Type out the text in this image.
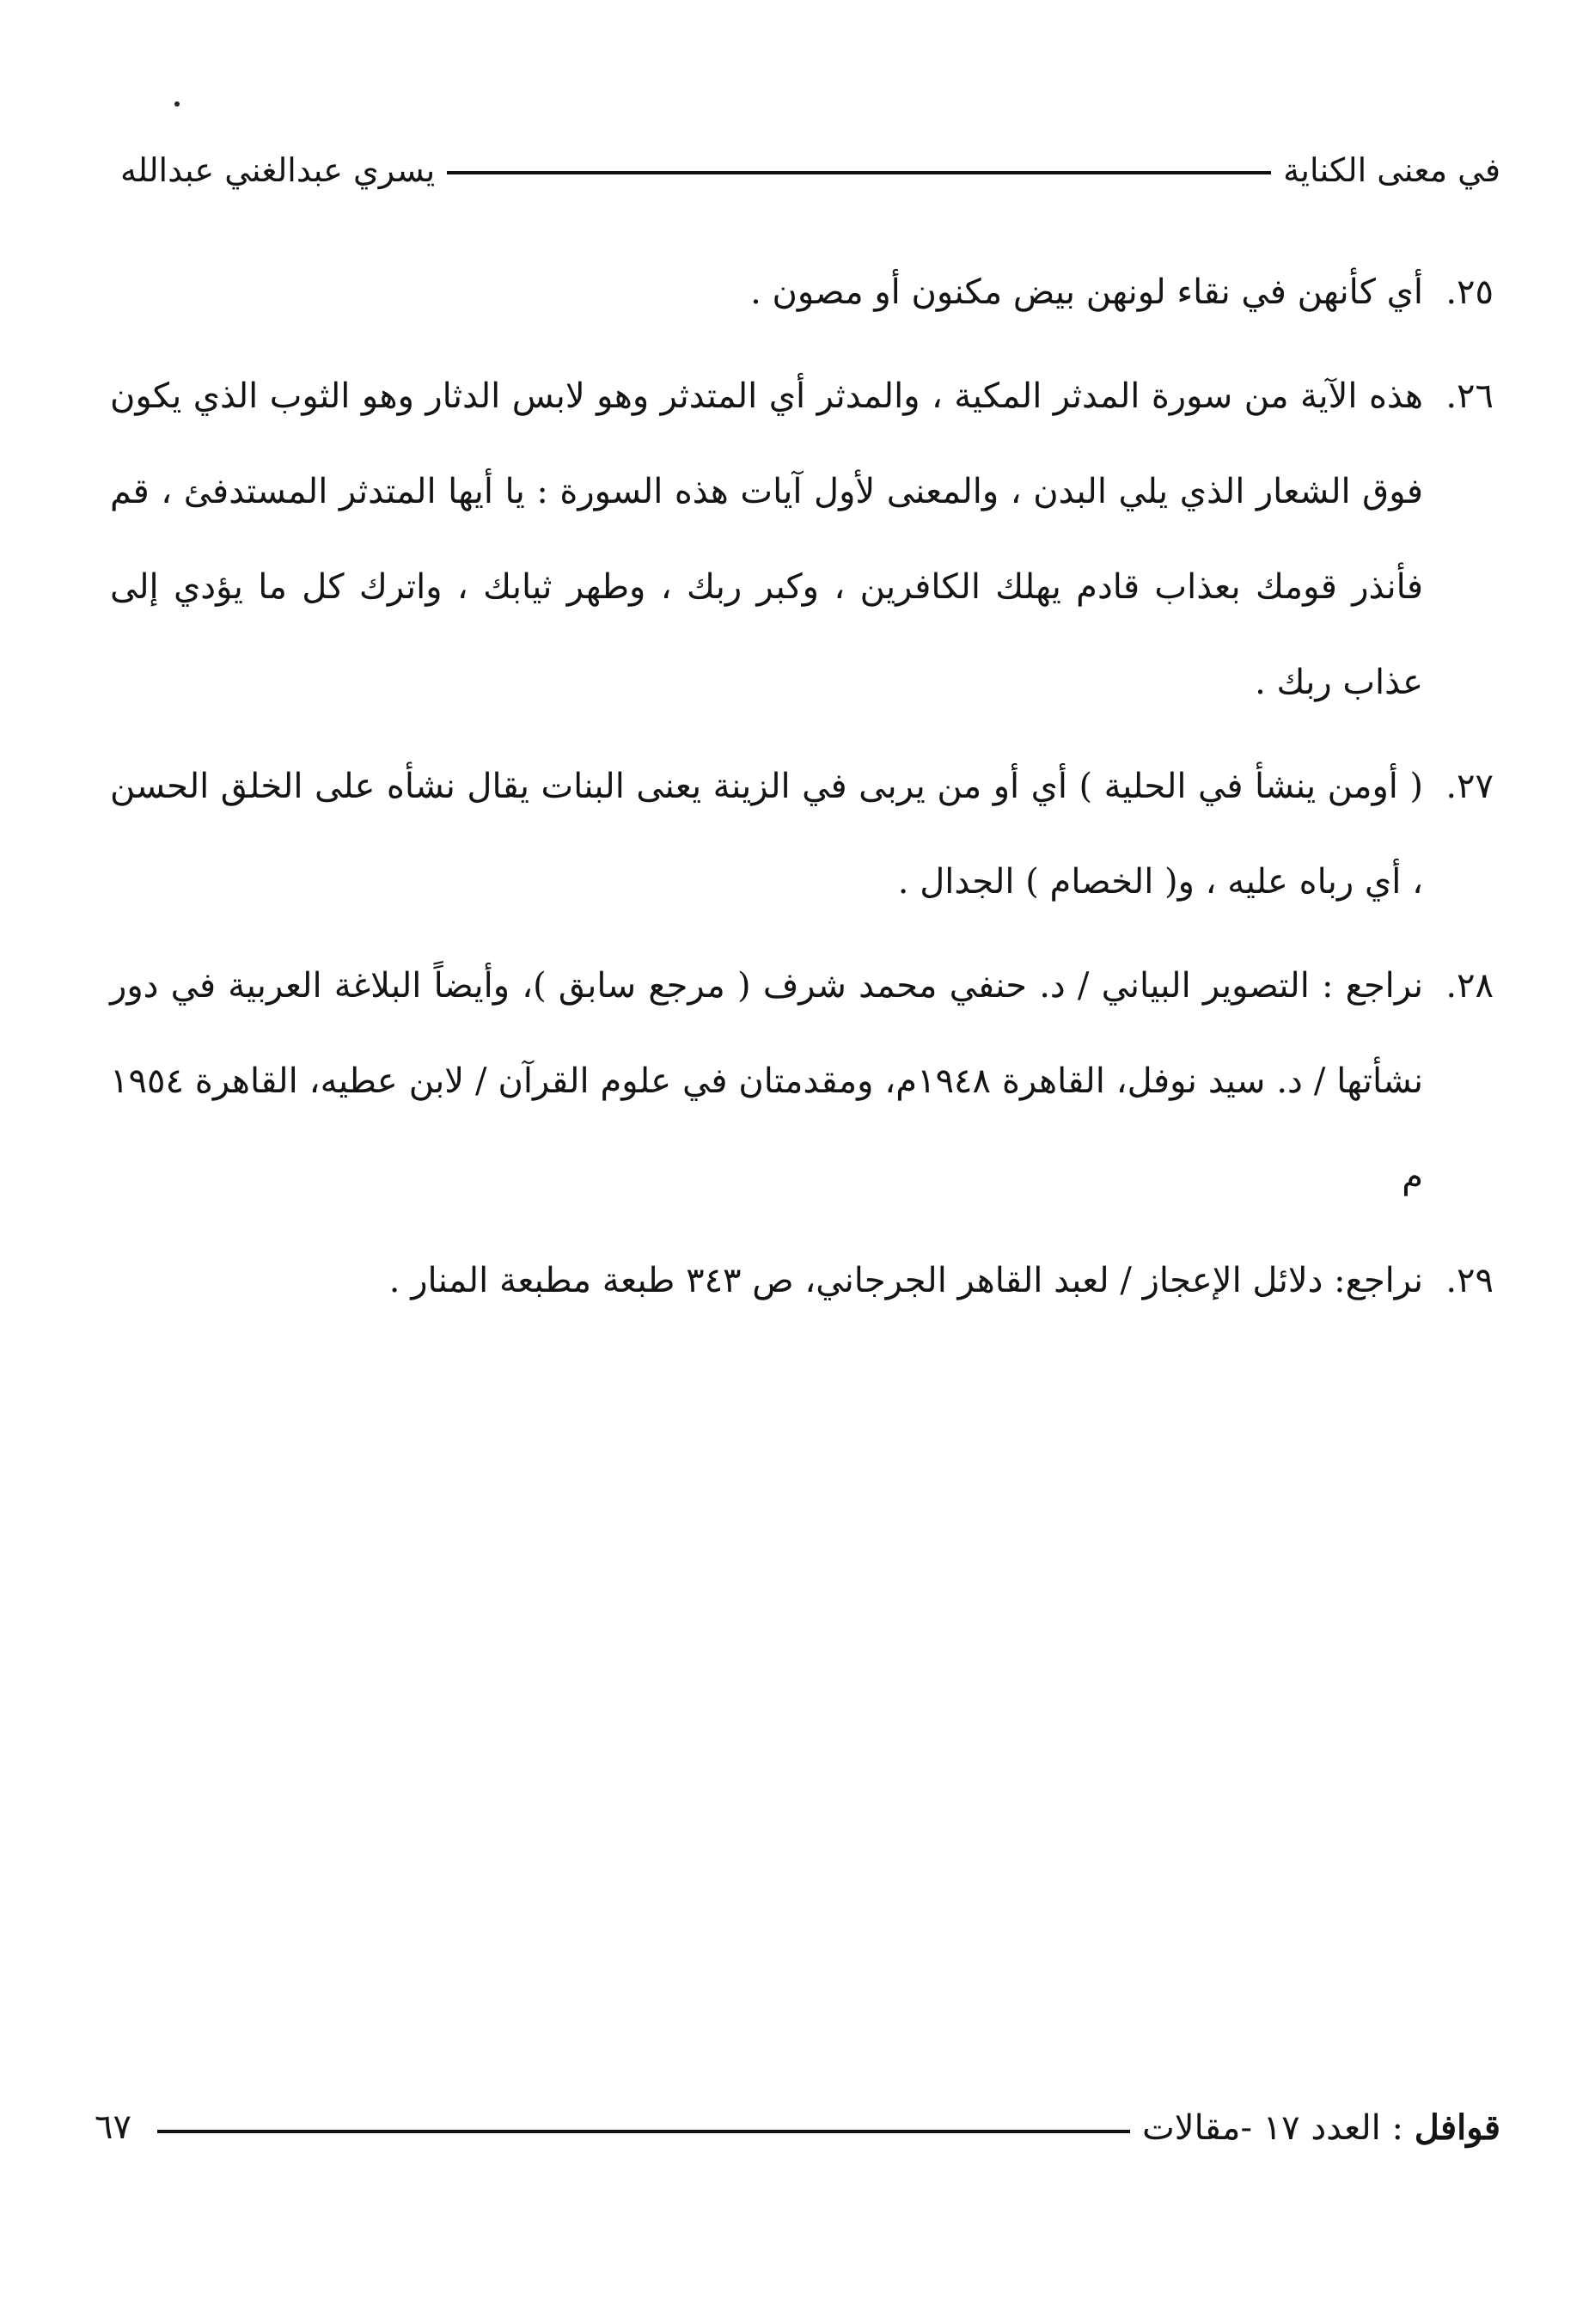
في معنى الكناية
يسري عبدالغني عبدالله
٢٥.
أي كأنهن في نقاء لونهن بيض مكنون أو مصون .
٢٦.
هذه الآية من سورة المدثر المكية ، والمدثر أي المتدثر وهو لابس الدثار وهو الثوب الذي يكون فوق الشعار الذي يلي البدن ، والمعنى لأول آيات هذه السورة : يا أيها المتدثر المستدفئ ، قم فأنذر قومك بعذاب قادم يهلك الكافرين ، وكبر ربك ، وطهر ثيابك ، واترك كل ما يؤدي إلى عذاب ربك .
٢٧.
( أومن ينشأ في الحلية ) أي أو من يربى في الزينة يعنى البنات يقال نشأه على الخلق الحسن ، أي رباه عليه ، و( الخصام ) الجدال .
٢٨.
نراجع : التصوير البياني / د. حنفي محمد شرف ( مرجع سابق )، وأيضاً البلاغة العربية في دور نشأتها / د. سيد نوفل، القاهرة ١٩٤٨م، ومقدمتان في علوم القرآن / لابن عطيه، القاهرة ١٩٥٤ م
٢٩.
نراجع: دلائل الإعجاز / لعبد القاهر الجرجاني، ص ٣٤٣ طبعة مطبعة المنار .
قوافل : العدد ١٧ -مقالات
٦٧
